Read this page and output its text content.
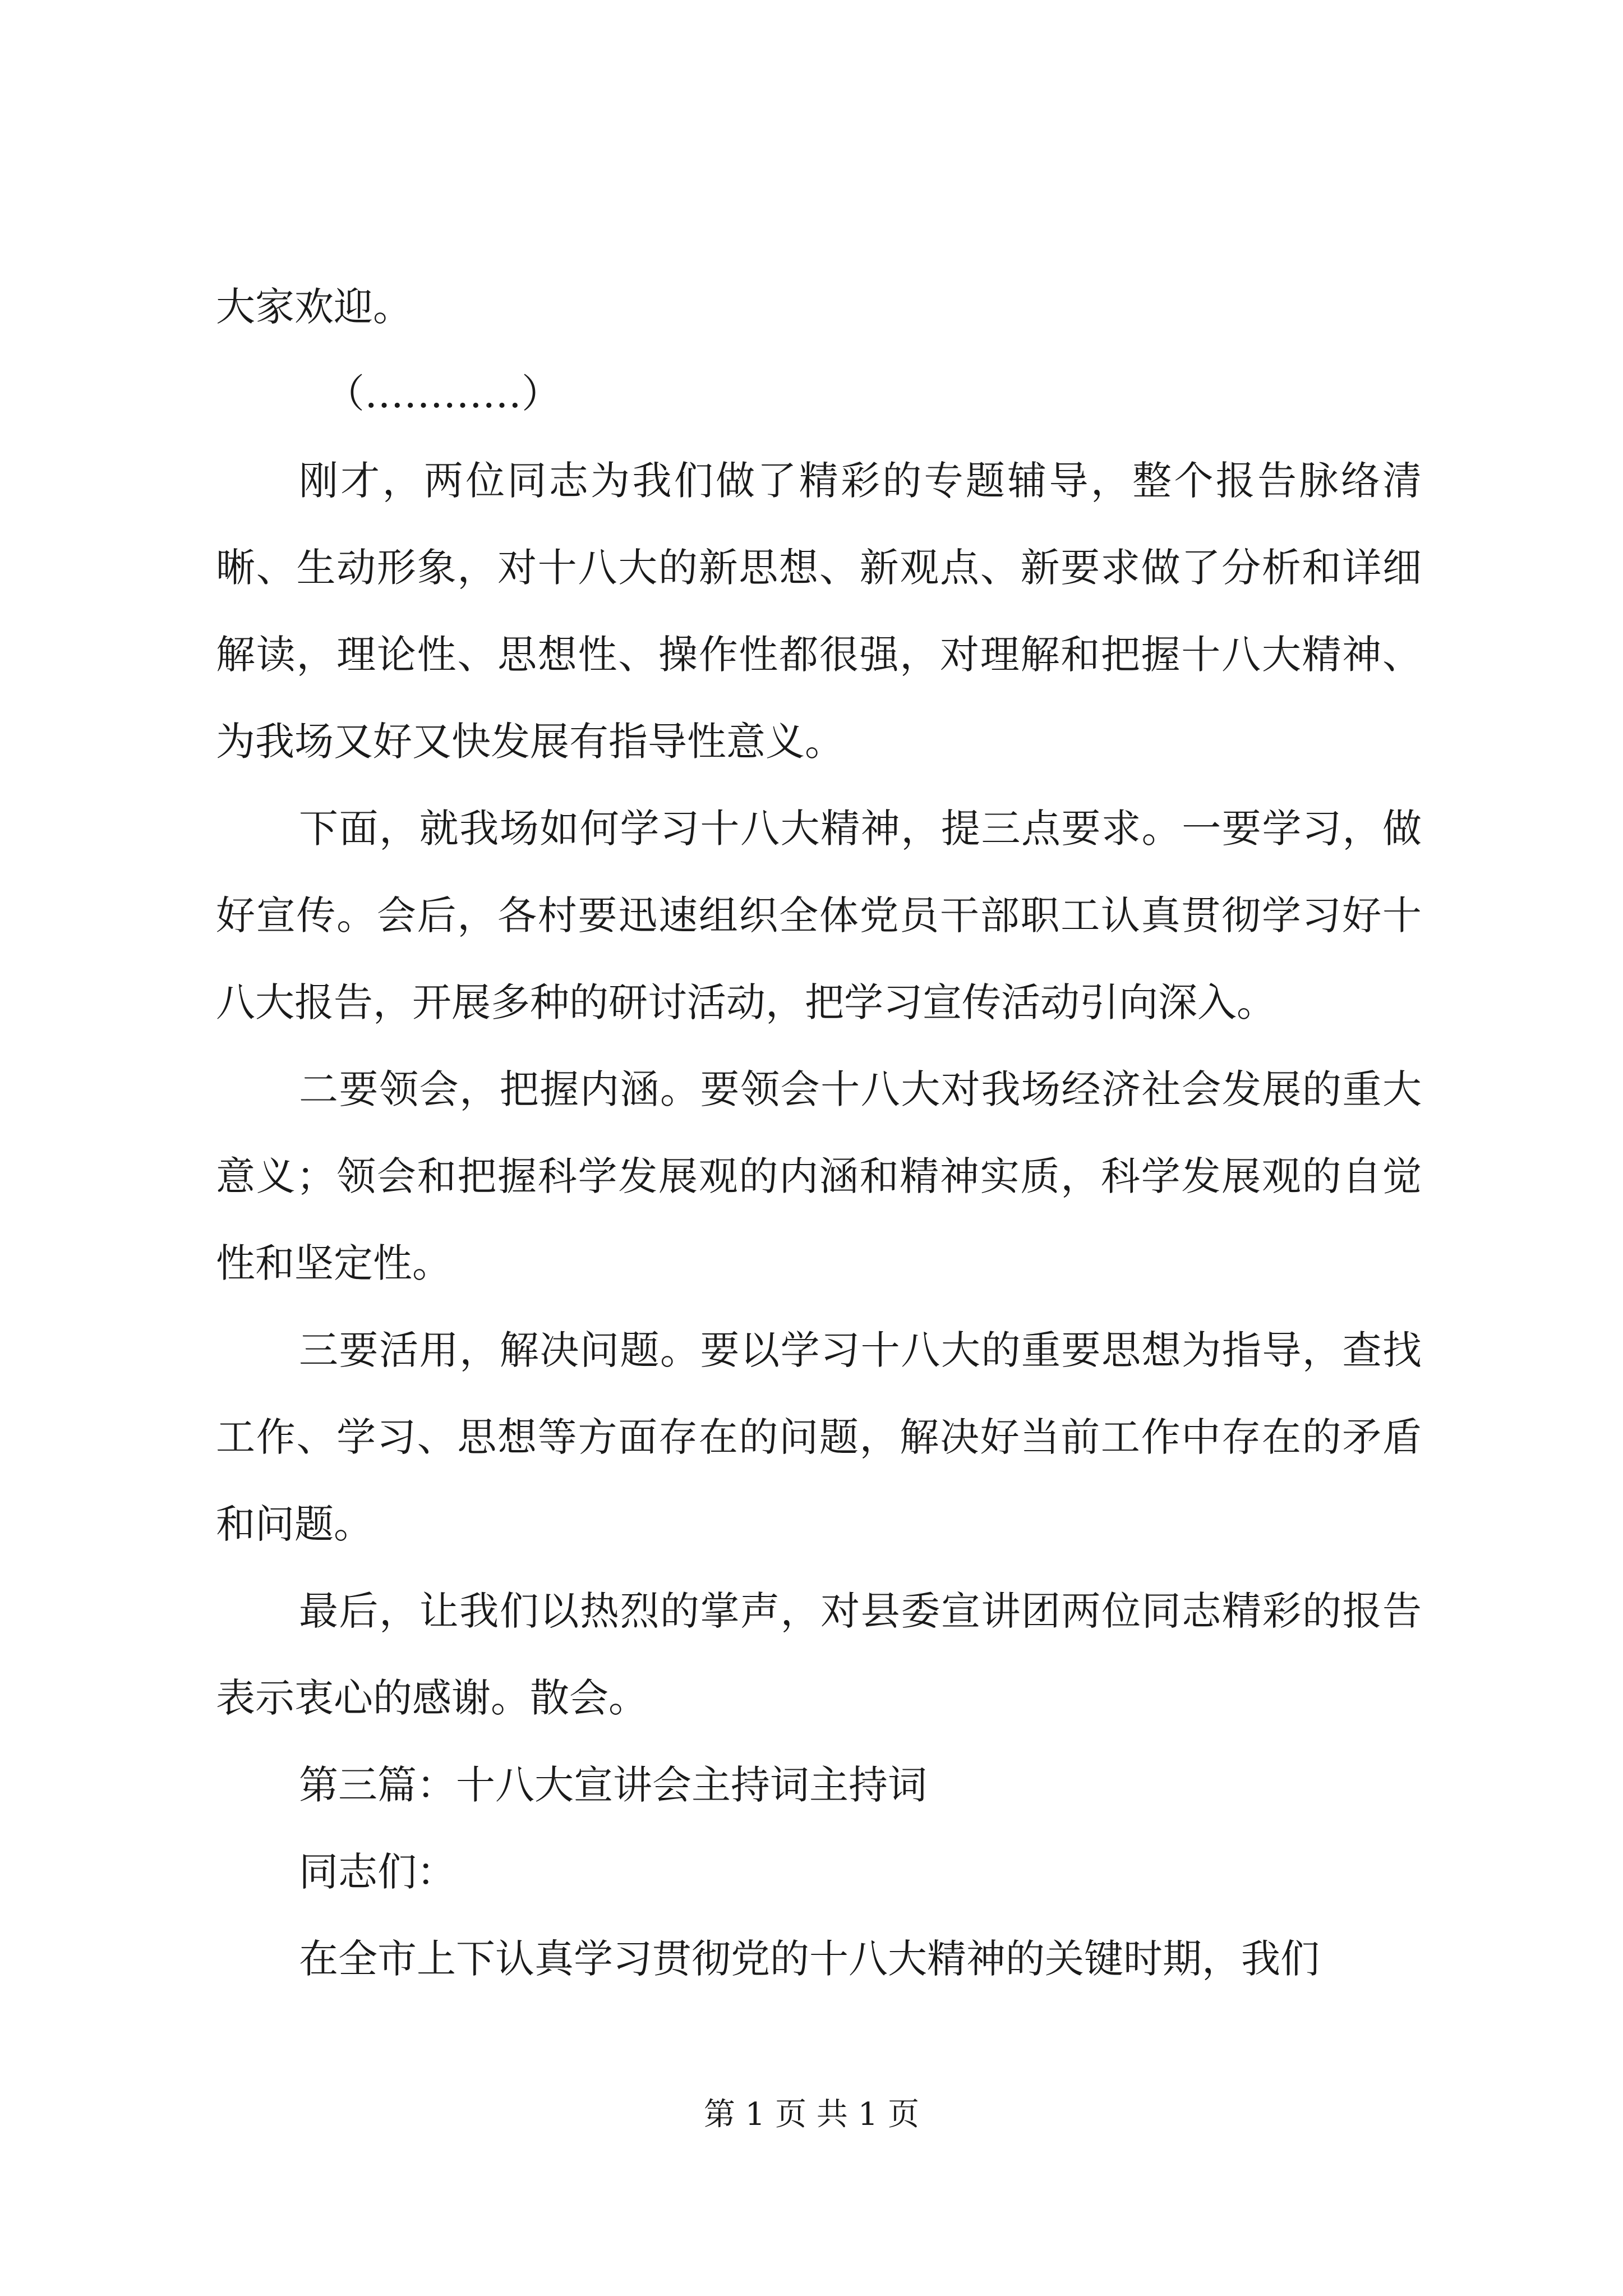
大家欢迎。

（…………）

刚才，两位同志为我们做了精彩的专题辅导，整个报告脉络清晰、生动形象，对十八大的新思想、新观点、新要求做了分析和详细解读，理论性、思想性、操作性都很强，对理解和把握十八大精神、为我场又好又快发展有指导性意义。

下面，就我场如何学习十八大精神，提三点要求。一要学习，做好宣传。会后，各村要迅速组织全体党员干部职工认真贯彻学习好十八大报告，开展多种的研讨活动，把学习宣传活动引向深入。

二要领会，把握内涵。要领会十八大对我场经济社会发展的重大意义；领会和把握科学发展观的内涵和精神实质，科学发展观的自觉性和坚定性。

三要活用，解决问题。要以学习十八大的重要思想为指导，查找工作、学习、思想等方面存在的问题，解决好当前工作中存在的矛盾和问题。

最后，让我们以热烈的掌声，对县委宣讲团两位同志精彩的报告表示衷心的感谢。散会。

第三篇：十八大宣讲会主持词主持词

同志们：

在全市上下认真学习贯彻党的十八大精神的关键时期，我们

第 1 页 共 1 页
